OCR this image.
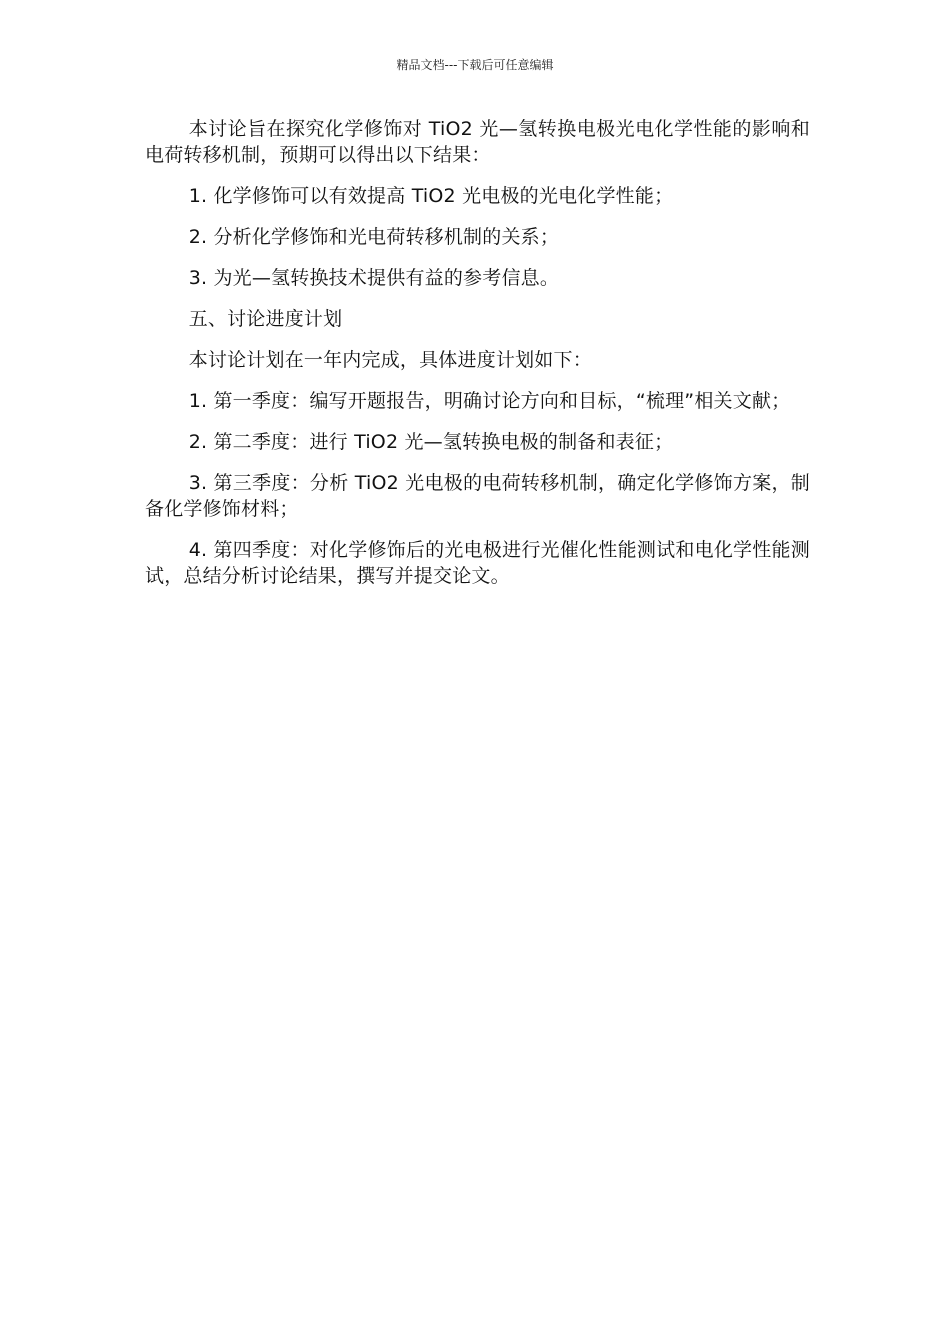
精品文档---下载后可任意编辑

本讨论旨在探究化学修饰对 TiO2 光—氢转换电极光电化学性能的影响和电荷转移机制，预期可以得出以下结果：

1. 化学修饰可以有效提高 TiO2 光电极的光电化学性能；

2. 分析化学修饰和光电荷转移机制的关系；

3. 为光—氢转换技术提供有益的参考信息。

五、讨论进度计划

本讨论计划在一年内完成，具体进度计划如下：

1. 第一季度：编写开题报告，明确讨论方向和目标，“梳理”相关文献；

2. 第二季度：进行 TiO2 光—氢转换电极的制备和表征；

3. 第三季度：分析 TiO2 光电极的电荷转移机制，确定化学修饰方案，制备化学修饰材料；

4. 第四季度：对化学修饰后的光电极进行光催化性能测试和电化学性能测试，总结分析讨论结果，撰写并提交论文。
